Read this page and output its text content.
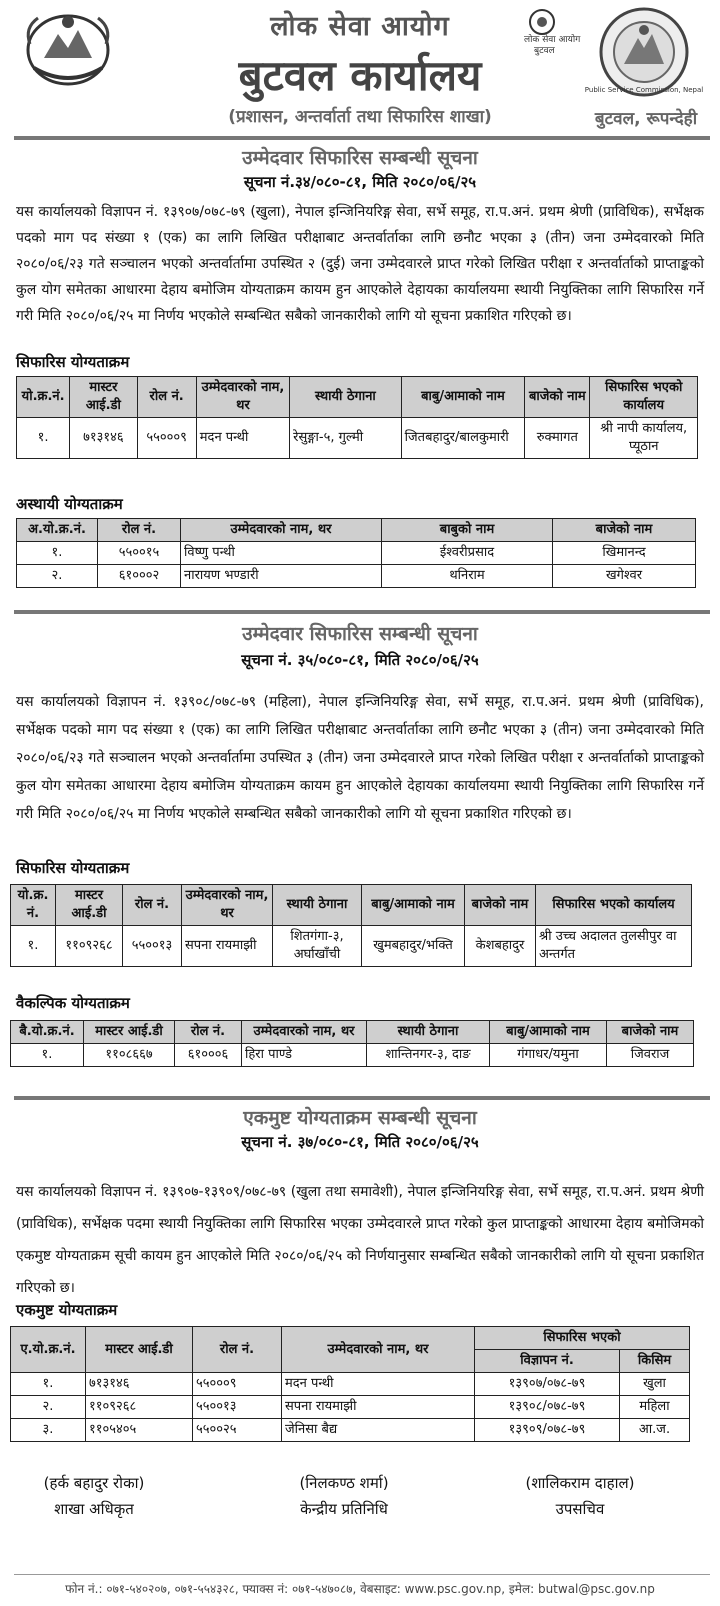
लोक सेवा आयोग
बुटवल कार्यालय
(प्रशासन, अन्तर्वार्ता तथा सिफारिस शाखा)
लोक सेवा आयोग
बुटवल
Public Service Commission, Nepal
बुटवल, रूपन्देही
उम्मेदवार सिफारिस सम्बन्धी सूचना
सूचना नं.३४/०८०-८१, मिति २०८०/०६/२५

यस कार्यालयको विज्ञापन नं. १३९०७/०७८-७९ (खुला), नेपाल इन्जिनियरिङ्ग सेवा, सर्भे समूह, रा.प.अनं. प्रथम श्रेणी (प्राविधिक), सर्भेक्षक पदको माग पद संख्या १ (एक) का लागि लिखित परीक्षाबाट अन्तर्वार्ताका लागि छनौट भएका ३ (तीन) जना उम्मेदवारको मिति २०८०/०६/२३ गते सञ्चालन भएको अन्तर्वार्तामा उपस्थित २ (दुई) जना उम्मेदवारले प्राप्त गरेको लिखित परीक्षा र अन्तर्वार्ताको प्राप्ताङ्कको कुल योग समेतका आधारमा देहाय बमोजिम योग्यताक्रम कायम हुन आएकोले देहायका कार्यालयमा स्थायी नियुक्तिका लागि सिफारिस गर्ने गरी मिति २०८०/०६/२५ मा निर्णय भएकोले सम्बन्धित सबैको जानकारीको लागि यो सूचना प्रकाशित गरिएको छ।

सिफारिस योग्यताक्रम
यो.क्र.नं.	मास्टर आई.डी	रोल नं.	उम्मेदवारको नाम, थर	स्थायी ठेगाना	बाबु/आमाको नाम	बाजेको नाम	सिफारिस भएको कार्यालय
१.	७१३१४६	५५०००९	मदन पन्थी	रेसुङ्गा-५, गुल्मी	जितबहादुर/बालकुमारी	रुक्मागत	श्री नापी कार्यालय, प्यूठान
अस्थायी योग्यताक्रम
अ.यो.क्र.नं.	रोल नं.	उम्मेदवारको नाम, थर	बाबुको नाम	बाजेको नाम
१.	५५००१५	विष्णु पन्थी	ईश्वरीप्रसाद	खिमानन्द
२.	६१०००२	नारायण भण्डारी	थनिराम	खगेश्वर
उम्मेदवार सिफारिस सम्बन्धी सूचना
सूचना नं. ३५/०८०-८१, मिति २०८०/०६/२५

यस कार्यालयको विज्ञापन नं. १३९०८/०७८-७९ (महिला), नेपाल इन्जिनियरिङ्ग सेवा, सर्भे समूह, रा.प.अनं. प्रथम श्रेणी (प्राविधिक), सर्भेक्षक पदको माग पद संख्या १ (एक) का लागि लिखित परीक्षाबाट अन्तर्वार्ताका लागि छनौट भएका ३ (तीन) जना उम्मेदवारको मिति २०८०/०६/२३ गते सञ्चालन भएको अन्तर्वार्तामा उपस्थित ३ (तीन) जना उम्मेदवारले प्राप्त गरेको लिखित परीक्षा र अन्तर्वार्ताको प्राप्ताङ्कको कुल योग समेतका आधारमा देहाय बमोजिम योग्यताक्रम कायम हुन आएकोले देहायका कार्यालयमा स्थायी नियुक्तिका लागि सिफारिस गर्ने गरी मिति २०८०/०६/२५ मा निर्णय भएकोले सम्बन्धित सबैको जानकारीको लागि यो सूचना प्रकाशित गरिएको छ।

सिफारिस योग्यताक्रम
यो.क्र. नं.	मास्टर आई.डी	रोल नं.	उम्मेदवारको नाम, थर	स्थायी ठेगाना	बाबु/आमाको नाम	बाजेको नाम	सिफारिस भएको कार्यालय
१.	११०९२६८	५५००१३	सपना रायमाझी	शितगंगा-३, अर्घाखाँची	खुमबहादुर/भक्ति	केशबहादुर	श्री उच्च अदालत तुलसीपुर वा अन्तर्गत
वैकल्पिक योग्यताक्रम
बै.यो.क्र.नं.	मास्टर आई.डी	रोल नं.	उम्मेदवारको नाम, थर	स्थायी ठेगाना	बाबु/आमाको नाम	बाजेको नाम
१.	११०८६६७	६१०००६	हिरा पाण्डे	शान्तिनगर-३, दाङ	गंगाधर/यमुना	जिवराज
एकमुष्ट योग्यताक्रम सम्बन्धी सूचना
सूचना नं. ३७/०८०-८१, मिति २०८०/०६/२५

यस कार्यालयको विज्ञापन नं. १३९०७-१३९०९/०७८-७९ (खुला तथा समावेशी), नेपाल इन्जिनियरिङ्ग सेवा, सर्भे समूह, रा.प.अनं. प्रथम श्रेणी (प्राविधिक), सर्भेक्षक पदमा स्थायी नियुक्तिका लागि सिफारिस भएका उम्मेदवारले प्राप्त गरेको कुल प्राप्ताङ्कको आधारमा देहाय बमोजिमको एकमुष्ट योग्यताक्रम सूची कायम हुन आएकोले मिति २०८०/०६/२५ को निर्णयानुसार सम्बन्धित सबैको जानकारीको लागि यो सूचना प्रकाशित गरिएको छ।

एकमुष्ट योग्यताक्रम
ए.यो.क्र.नं.	मास्टर आई.डी	रोल नं.	उम्मेदवारको नाम, थर	सिफारिस भएको	
				विज्ञापन नं.	किसिम
१.	७१३१४६	५५०००९	मदन पन्थी	१३९०७/०७८-७९	खुला
२.	११०९२६८	५५००१३	सपना रायमाझी	१३९०८/०७८-७९	महिला
३.	११०५४०५	५५००२५	जेनिसा बैद्य	१३९०९/०७८-७९	आ.ज.
(हर्क बहादुर रोका)
शाखा अधिकृत
(निलकण्ठ शर्मा)
केन्द्रीय प्रतिनिधि
(शालिकराम दाहाल)
उपसचिव
फोन नं.: ०७१-५४०२०७, ०७१-५५४३२८, फ्याक्स नं: ०७१-५४७०८७, वेबसाइट: www.psc.gov.np, इमेल: butwal@psc.gov.np
